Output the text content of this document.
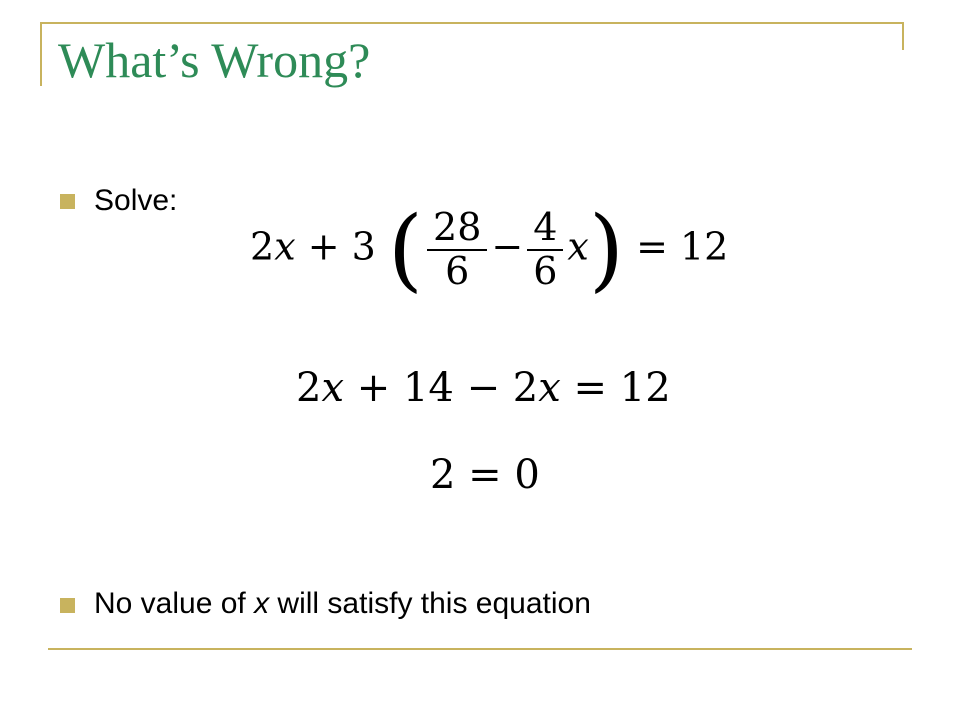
What’s Wrong?
Solve:
2x + 3 ( $\frac{28}{6} - \frac{4}{6} x) = 12$
2x + 14 − 2x = 12
2 = 0
No value of x will satisfy this equation
